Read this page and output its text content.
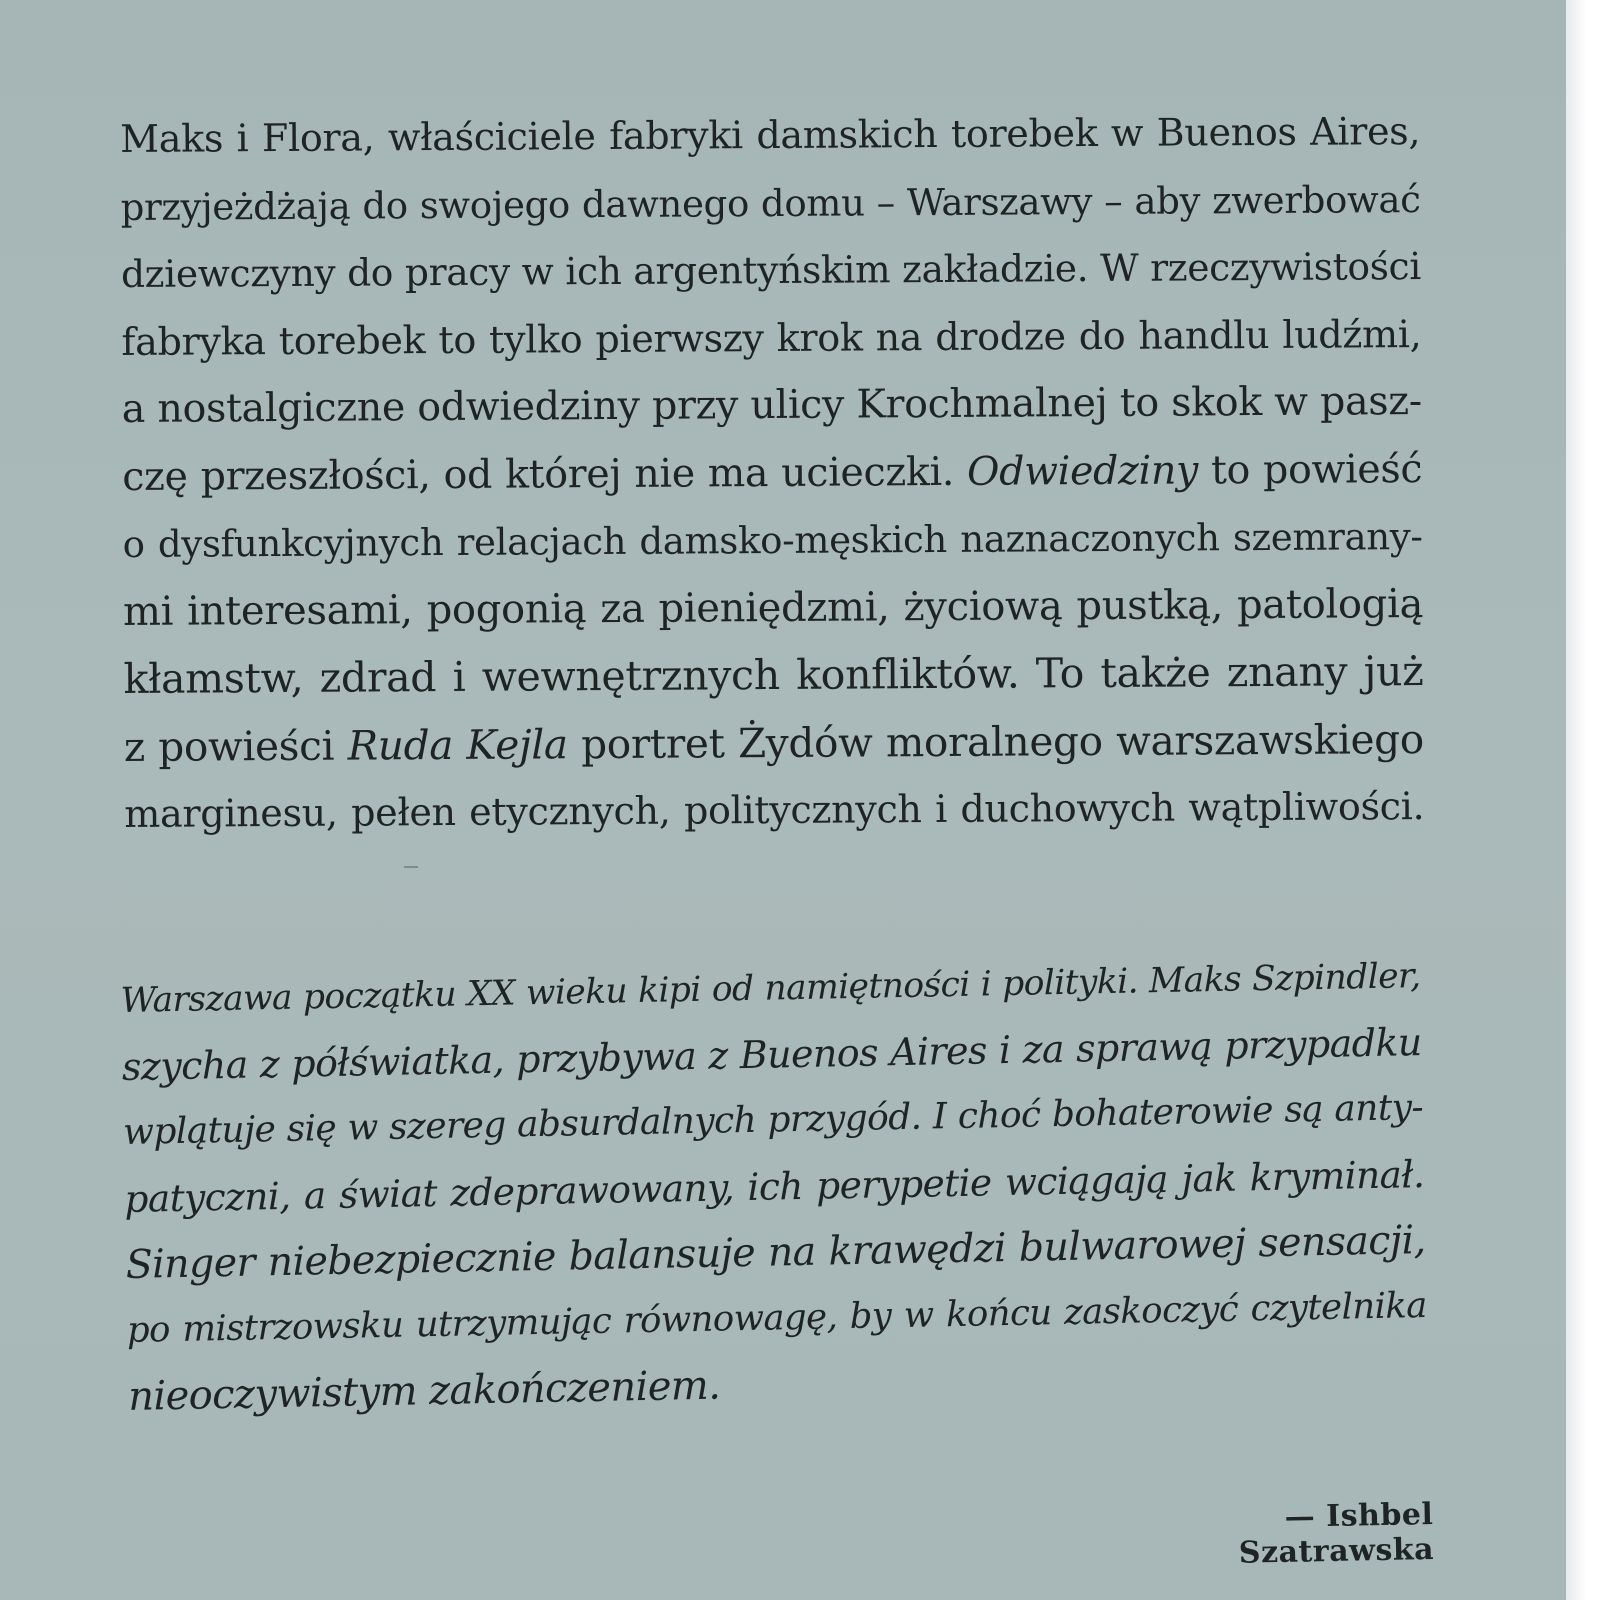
Maks i Flora, właściciele fabryki damskich torebek w Buenos Aires,
przyjeżdżają do swojego dawnego domu – Warszawy – aby zwerbować
dziewczyny do pracy w ich argentyńskim zakładzie. W rzeczywistości
fabryka torebek to tylko pierwszy krok na drodze do handlu ludźmi,
a nostalgiczne odwiedziny przy ulicy Krochmalnej to skok w pasz-
czę przeszłości, od której nie ma ucieczki. Odwiedziny to powieść
o dysfunkcyjnych relacjach damsko-męskich naznaczonych szemrany-
mi interesami, pogonią za pieniędzmi, życiową pustką, patologią
kłamstw, zdrad i wewnętrznych konfliktów. To także znany już
z powieści Ruda Kejla portret Żydów moralnego warszawskiego
marginesu, pełen etycznych, politycznych i duchowych wątpliwości.
Warszawa początku XX wieku kipi od namiętności i polityki. Maks Szpindler,
szycha z półświatka, przybywa z Buenos Aires i za sprawą przypadku
wplątuje się w szereg absurdalnych przygód. I choć bohaterowie są anty-
patyczni, a świat zdeprawowany, ich perypetie wciągają jak kryminał.
Singer niebezpiecznie balansuje na krawędzi bulwarowej sensacji,
po mistrzowsku utrzymując równowagę, by w końcu zaskoczyć czytelnika
nieoczywistym zakończeniem.
— Ishbel Szatrawska
